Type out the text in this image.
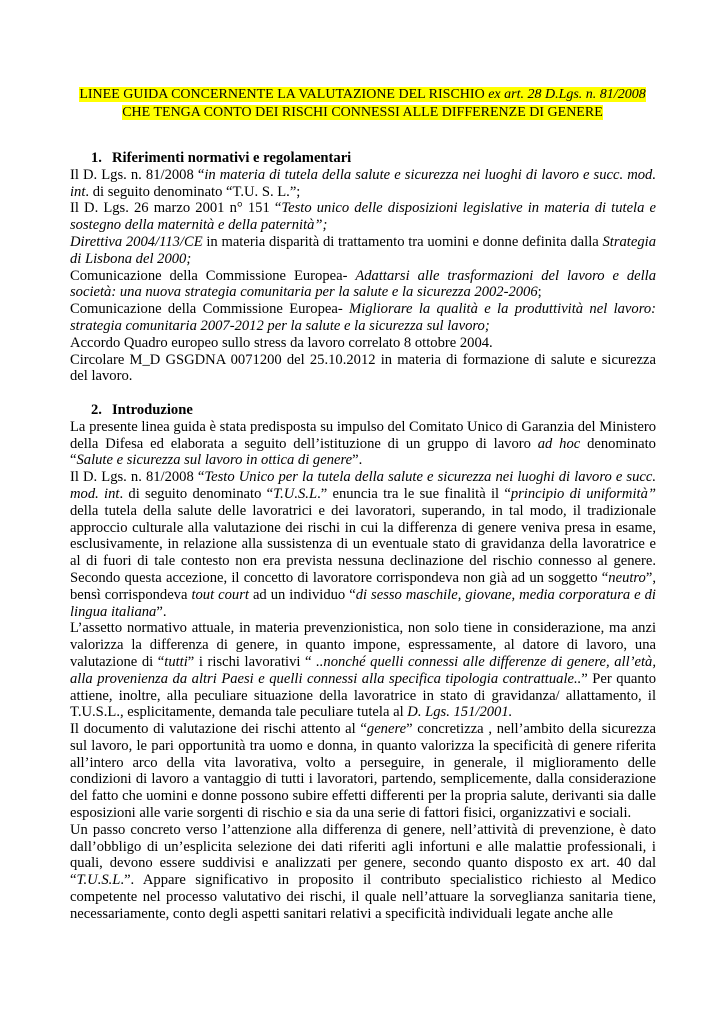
LINEE GUIDA CONCERNENTE LA VALUTAZIONE DEL RISCHIO ex art. 28 D.Lgs. n. 81/2008
CHE TENGA CONTO DEI RISCHI CONNESSI ALLE DIFFERENZE DI GENERE
1. Riferimenti normativi e regolamentari

Il D. Lgs. n. 81/2008 “in materia di tutela della salute e sicurezza nei luoghi di lavoro e succ. mod. int. di seguito denominato “T.U. S. L.”;

Il D. Lgs. 26 marzo 2001 n° 151 “Testo unico delle disposizioni legislative in materia di tutela e sostegno della maternità e della paternità”;

Direttiva 2004/113/CE in materia disparità di trattamento tra uomini e donne definita dalla Strategia di Lisbona del 2000;

Comunicazione della Commissione Europea- Adattarsi alle trasformazioni del lavoro e della società: una nuova strategia comunitaria per la salute e la sicurezza 2002-2006;

Comunicazione della Commissione Europea- Migliorare la qualità e la produttività nel lavoro: strategia comunitaria 2007-2012 per la salute e la sicurezza sul lavoro;

Accordo Quadro europeo sullo stress da lavoro correlato 8 ottobre 2004.

Circolare M_D GSGDNA 0071200 del 25.10.2012 in materia di formazione di salute e sicurezza del lavoro.

2. Introduzione

La presente linea guida è stata predisposta su impulso del Comitato Unico di Garanzia del Ministero della Difesa ed elaborata a seguito dell’istituzione di un gruppo di lavoro ad hoc denominato “Salute e sicurezza sul lavoro in ottica di genere”.

Il D. Lgs. n. 81/2008 “Testo Unico per la tutela della salute e sicurezza nei luoghi di lavoro e succ. mod. int. di seguito denominato “T.U.S.L.” enuncia tra le sue finalità il “principio di uniformità” della tutela della salute delle lavoratrici e dei lavoratori, superando, in tal modo, il tradizionale approccio culturale alla valutazione dei rischi in cui la differenza di genere veniva presa in esame, esclusivamente, in relazione alla sussistenza di un eventuale stato di gravidanza della lavoratrice e al di fuori di tale contesto non era prevista nessuna declinazione del rischio connesso al genere. Secondo questa accezione, il concetto di lavoratore corrispondeva non già ad un soggetto “neutro”, bensì corrispondeva tout court ad un individuo “di sesso maschile, giovane, media corporatura e di lingua italiana”.

L’assetto normativo attuale, in materia prevenzionistica, non solo tiene in considerazione, ma anzi valorizza la differenza di genere, in quanto impone, espressamente, al datore di lavoro, una valutazione di “tutti” i rischi lavorativi “ ..nonché quelli connessi alle differenze di genere, all’età, alla provenienza da altri Paesi e quelli connessi alla specifica tipologia contrattuale..” Per quanto attiene, inoltre, alla peculiare situazione della lavoratrice in stato di gravidanza/ allattamento, il T.U.S.L., esplicitamente, demanda tale peculiare tutela al D. Lgs. 151/2001.

Il documento di valutazione dei rischi attento al “genere” concretizza , nell’ambito della sicurezza sul lavoro, le pari opportunità tra uomo e donna, in quanto valorizza la specificità di genere riferita all’intero arco della vita lavorativa, volto a perseguire, in generale, il miglioramento delle condizioni di lavoro a vantaggio di tutti i lavoratori, partendo, semplicemente, dalla considerazione del fatto che uomini e donne possono subire effetti differenti per la propria salute, derivanti sia dalle esposizioni alle varie sorgenti di rischio e sia da una serie di fattori fisici, organizzativi e sociali.

Un passo concreto verso l’attenzione alla differenza di genere, nell’attività di prevenzione, è dato dall’obbligo di un’esplicita selezione dei dati riferiti agli infortuni e alle malattie professionali, i quali, devono essere suddivisi e analizzati per genere, secondo quanto disposto ex art. 40 dal “T.U.S.L.”. Appare significativo in proposito il contributo specialistico richiesto al Medico competente nel processo valutativo dei rischi, il quale nell’attuare la sorveglianza sanitaria tiene, necessariamente, conto degli aspetti sanitari relativi a specificità individuali legate anche alle
